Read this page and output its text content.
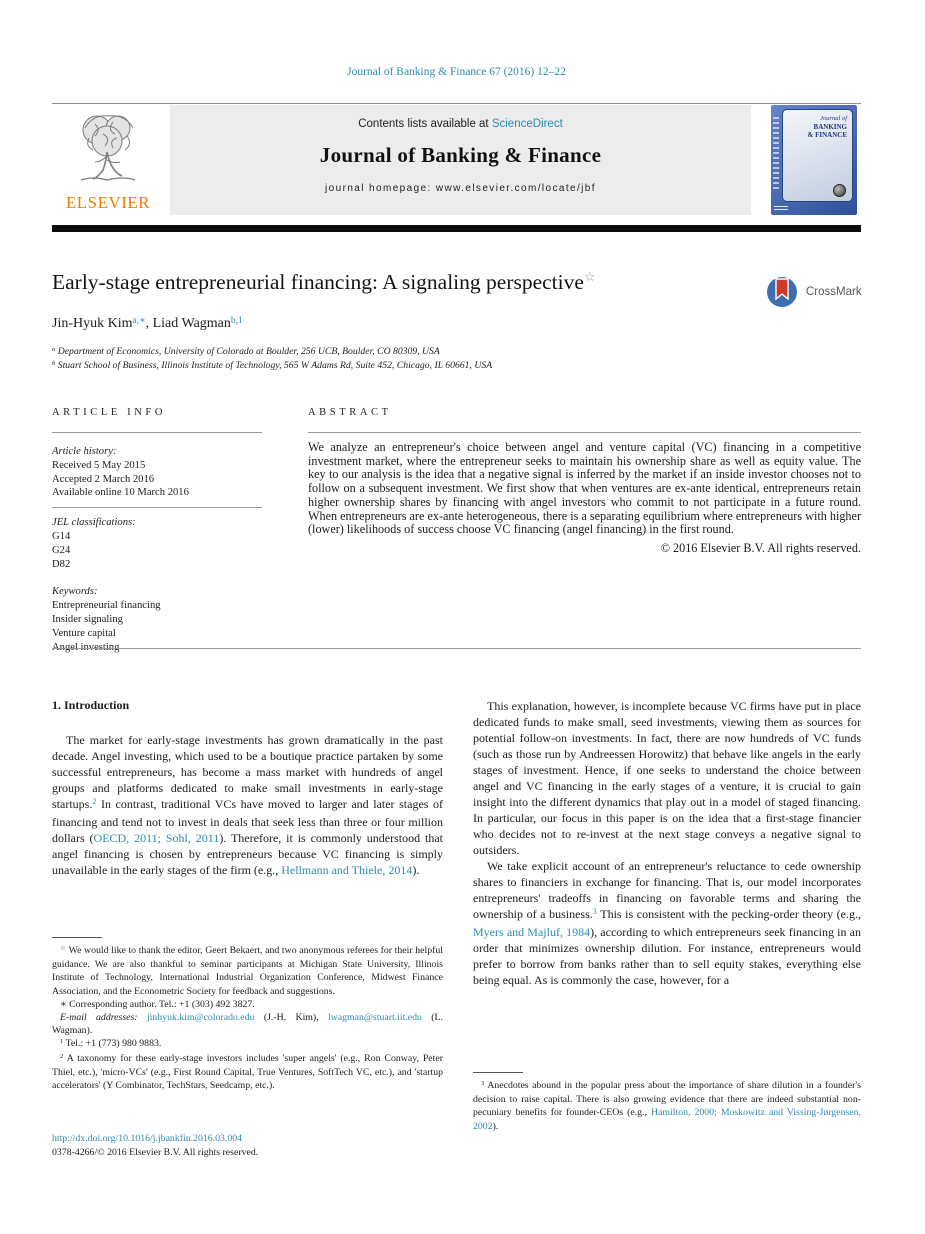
Journal of Banking & Finance 67 (2016) 12–22
ELSEVIER
Contents lists available at ScienceDirect
Journal of Banking & Finance
journal homepage: www.elsevier.com/locate/jbf
Journal of
BANKING
& FINANCE
Early-stage entrepreneurial financing: A signaling perspective☆
CrossMark
Jin-Hyuk Kim$^{a,∗}$, Liad Wagman$^{b,1}$
$^a$ Department of Economics, University of Colorado at Boulder, 256 UCB, Boulder, CO 80309, USA
$^b$ Stuart School of Business, Illinois Institute of Technology, 565 W Adams Rd, Suite 452, Chicago, IL 60661, USA
ARTICLE INFO	ABSTRACT
Article history:
Received 5 May 2015
Accepted 2 March 2016
Available online 10 March 2016
JEL classifications:
G14
G24
D82
Keywords:
Entrepreneurial financing
Insider signaling
Venture capital
We analyze an entrepreneur's choice between angel and venture capital (VC) financing in a competitive investment market, where the entrepreneur seeks to maintain his ownership share as well as equity value. The key to our analysis is the idea that a negative signal is inferred by the market if an inside investor chooses not to follow on a subsequent investment. We first show that when ventures are ex-ante identical, entrepreneurs retain higher ownership shares by financing with angel investors who commit to not participate in a future round. When entrepreneurs are ex-ante heterogeneous, there is a separating equilibrium where entrepreneurs with higher (lower) likelihoods of success choose VC financing (angel financing) in the first round.
© 2016 Elsevier B.V. All rights reserved.
1. Introduction

The market for early-stage investments has grown dramatically in the past decade. Angel investing, which used to be a boutique practice partaken by some successful entrepreneurs, has become a mass market with hundreds of angel groups and platforms dedicated to make small investments in early-stage startups.$^2$ In contrast, traditional VCs have moved to larger and later stages of financing and tend not to invest in deals that seek less than three or four million dollars (OECD, 2011; Sohl, 2011). Therefore, it is commonly understood that angel financing is chosen by entrepreneurs because VC financing is simply unavailable in the early stages of the firm (e.g., Hellmann and Thiele, 2014).

This explanation, however, is incomplete because VC firms have put in place dedicated funds to make small, seed investments, viewing them as sources for potential follow-on investments. In fact, there are now hundreds of VC funds (such as those run by Andreessen Horowitz) that behave like angels in the early stages of investment. Hence, if one seeks to understand the choice between angel and VC financing in the early stages of a venture, it is crucial to gain insight into the different dynamics that play out in a model of staged financing. In particular, our focus in this paper is on the idea that a first-stage financier who decides not to re-invest at the next stage conveys a negative signal to outsiders.

We take explicit account of an entrepreneur's reluctance to cede ownership shares to financiers in exchange for financing. That is, our model incorporates entrepreneurs' tradeoffs in financing on favorable terms and sharing the ownership of a business.$^3$ This is consistent with the pecking-order theory (e.g., Myers and Majluf, 1984), according to which entrepreneurs seek financing in an order that minimizes ownership dilution. For instance, entrepreneurs would prefer to borrow from banks rather than to sell equity stakes, everything else being equal. As is commonly the case, however, for a

☆ We would like to thank the editor, Geert Bekaert, and two anonymous referees for their helpful guidance. We are also thankful to seminar participants at Michigan State University, Illinois Institute of Technology, International Industrial Organization Conference, Midwest Finance Association, and the Econometric Society for feedback and suggestions.

∗ Corresponding author. Tel.: +1 (303) 492 3827.

E-mail addresses: jinhyuk.kim@colorado.edu (J.-H. Kim), lwagman@stuart.iit.edu (L. Wagman).

$^1$ Tel.: +1 (773) 980 9883.

$^2$ A taxonomy for these early-stage investors includes 'super angels' (e.g., Ron Conway, Peter Thiel, etc.), 'micro-VCs' (e.g., First Round Capital, True Ventures, SoftTech VC, etc.), and 'startup accelerators' (Y Combinator, TechStars, Seedcamp, etc.).	$^3$ Anecdotes abound in the popular press about the importance of share dilution in a founder's decision to raise capital. There is also growing evidence that there are indeed substantial non-pecuniary benefits for founder-CEOs (e.g., Hamilton, 2000; Moskowitz and Vissing-Jørgensen, 2002).

http://dx.doi.org/10.1016/j.jbankfin.2016.03.004
0378-4266/© 2016 Elsevier B.V. All rights reserved.
